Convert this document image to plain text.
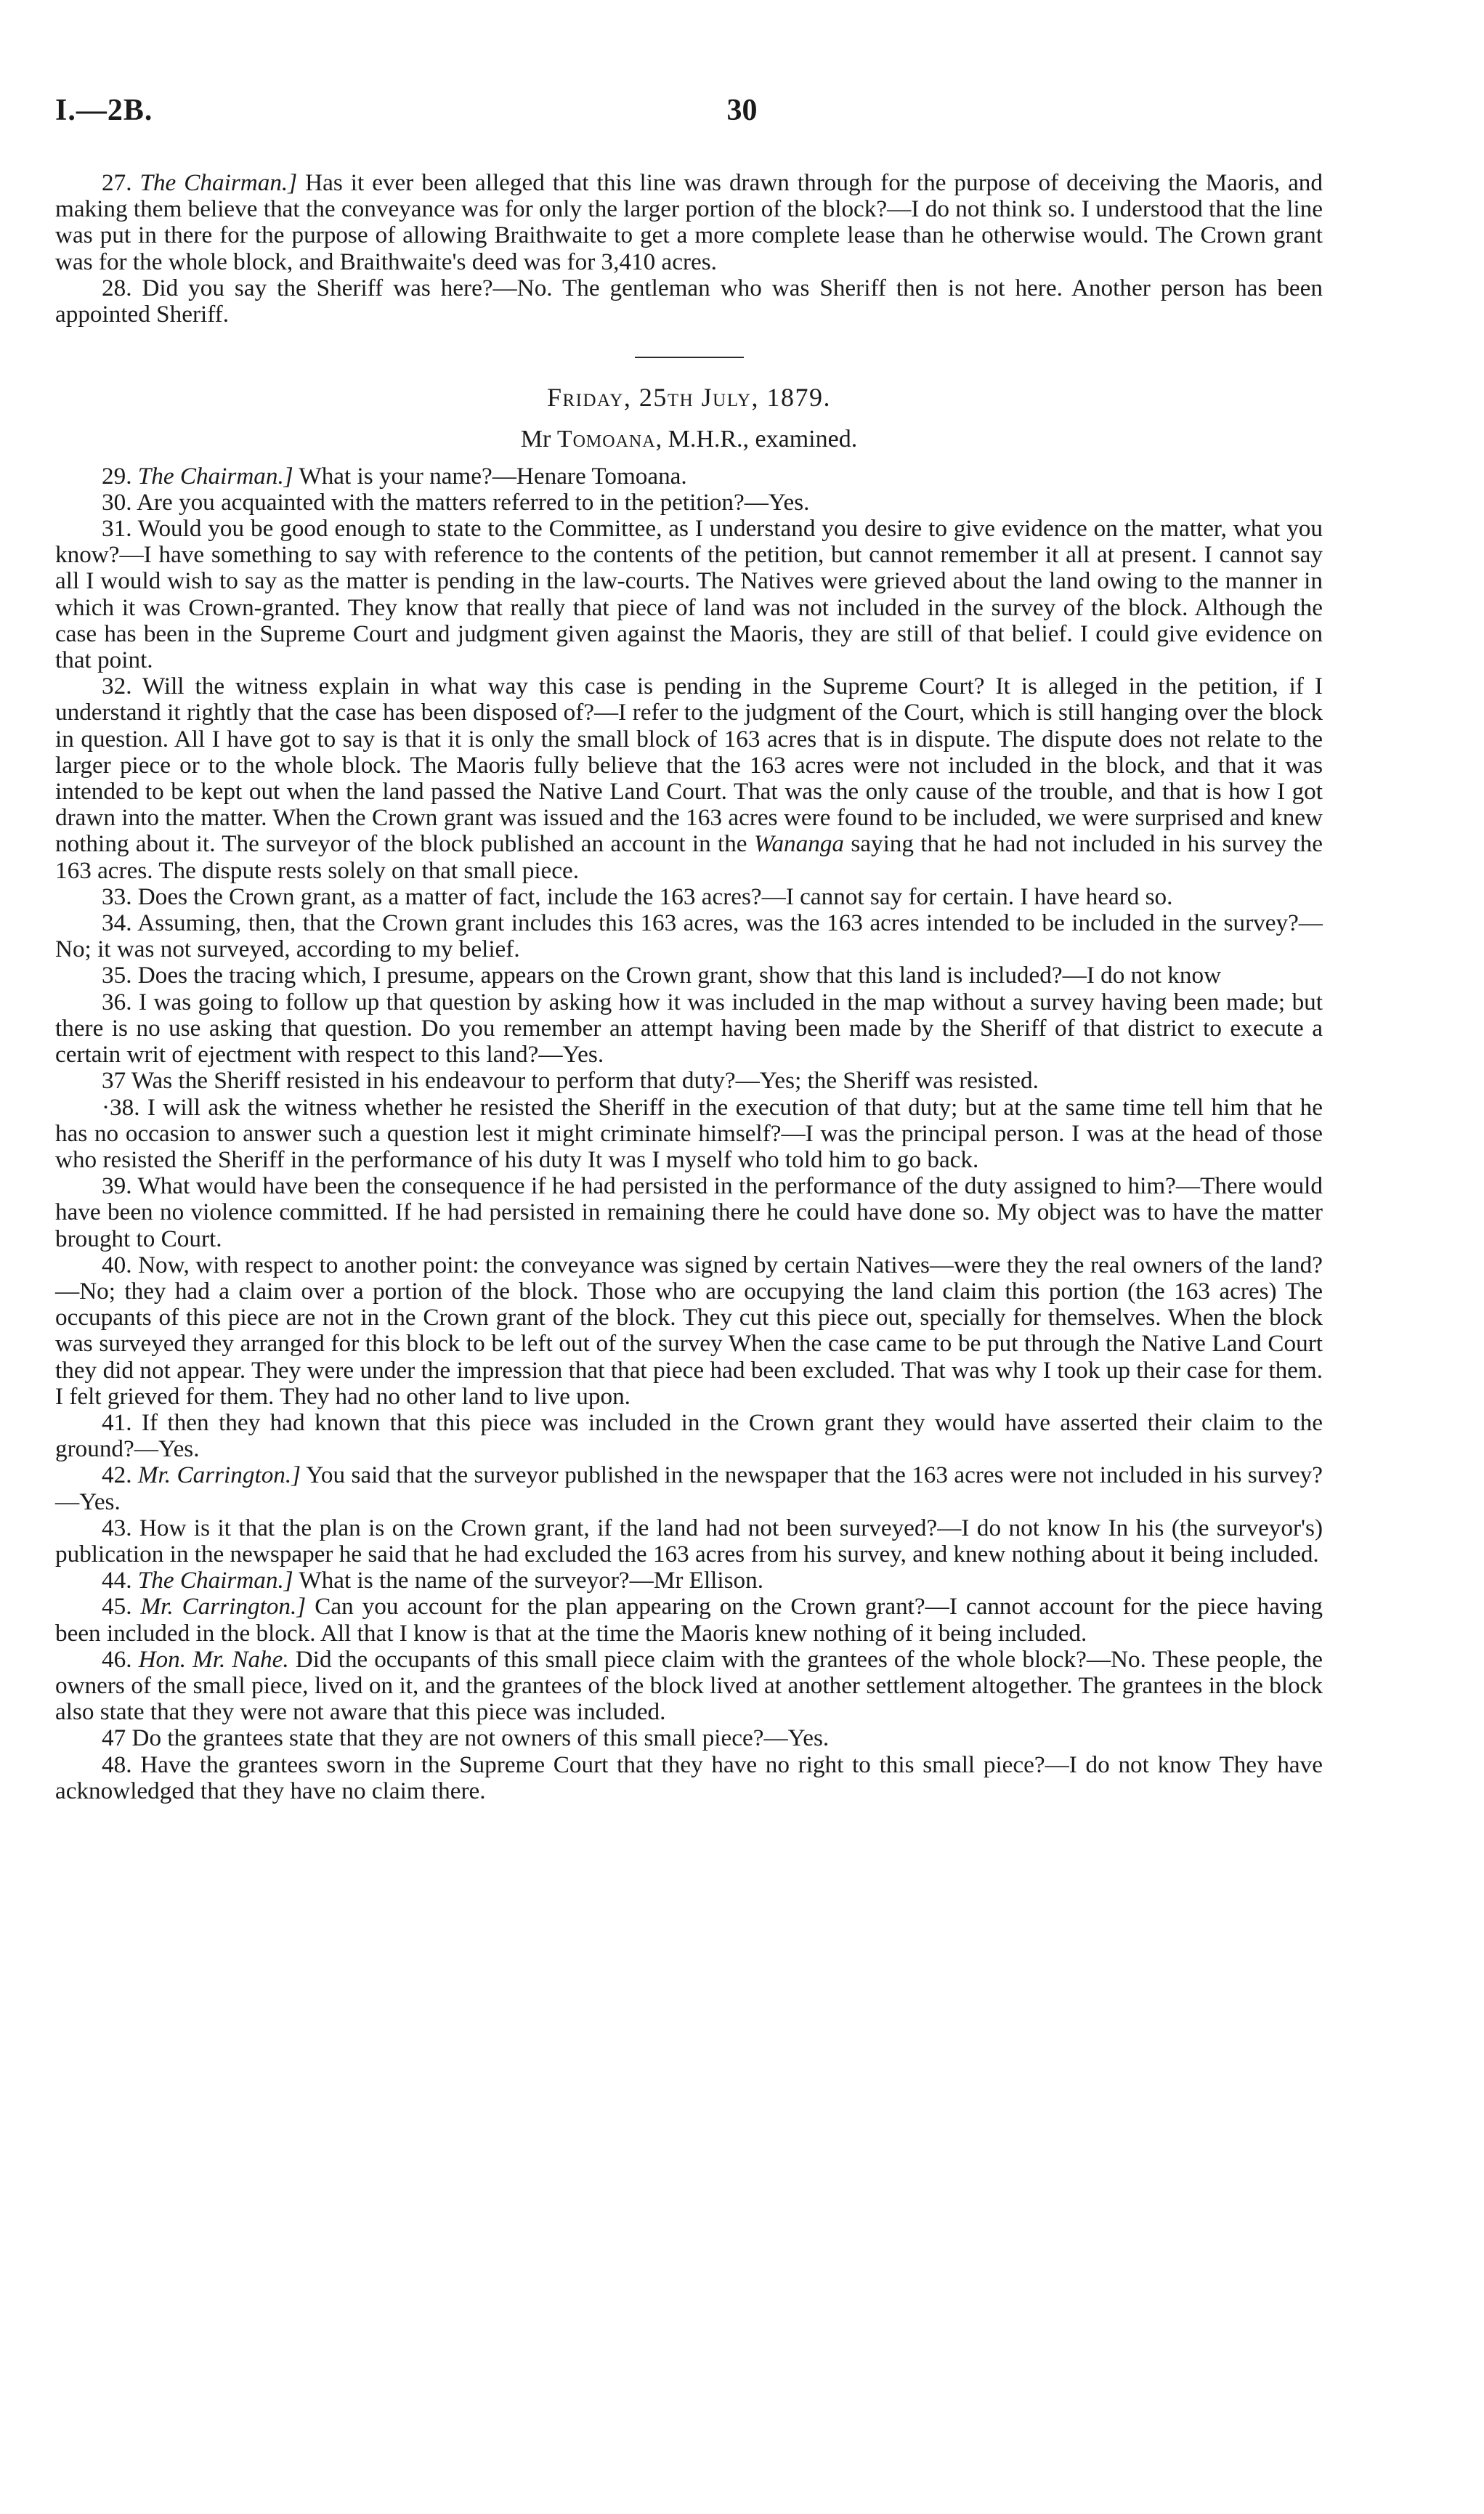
I.—2B.	30

27. The Chairman.] Has it ever been alleged that this line was drawn through for the purpose of deceiving the Maoris, and making them believe that the conveyance was for only the larger portion of the block?—I do not think so. I understood that the line was put in there for the purpose of allowing Braithwaite to get a more complete lease than he otherwise would. The Crown grant was for the whole block, and Braithwaite's deed was for 3,410 acres.

28. Did you say the Sheriff was here?—No. The gentleman who was Sheriff then is not here. Another person has been appointed Sheriff.

Friday, 25th July, 1879.
Mr Tomoana, M.H.R., examined.

29. The Chairman.] What is your name?—Henare Tomoana.

30. Are you acquainted with the matters referred to in the petition?—Yes.

31. Would you be good enough to state to the Committee, as I understand you desire to give evidence on the matter, what you know?—I have something to say with reference to the contents of the petition, but cannot remember it all at present. I cannot say all I would wish to say as the matter is pending in the law-courts. The Natives were grieved about the land owing to the manner in which it was Crown-granted. They know that really that piece of land was not included in the survey of the block. Although the case has been in the Supreme Court and judgment given against the Maoris, they are still of that belief. I could give evidence on that point.

32. Will the witness explain in what way this case is pending in the Supreme Court? It is alleged in the petition, if I understand it rightly that the case has been disposed of?—I refer to the judgment of the Court, which is still hanging over the block in question. All I have got to say is that it is only the small block of 163 acres that is in dispute. The dispute does not relate to the larger piece or to the whole block. The Maoris fully believe that the 163 acres were not included in the block, and that it was intended to be kept out when the land passed the Native Land Court. That was the only cause of the trouble, and that is how I got drawn into the matter. When the Crown grant was issued and the 163 acres were found to be included, we were surprised and knew nothing about it. The surveyor of the block published an account in the Wananga saying that he had not included in his survey the 163 acres. The dispute rests solely on that small piece.

33. Does the Crown grant, as a matter of fact, include the 163 acres?—I cannot say for certain. I have heard so.

34. Assuming, then, that the Crown grant includes this 163 acres, was the 163 acres intended to be included in the survey?—No; it was not surveyed, according to my belief.

35. Does the tracing which, I presume, appears on the Crown grant, show that this land is included?—I do not know

36. I was going to follow up that question by asking how it was included in the map without a survey having been made; but there is no use asking that question. Do you remember an attempt having been made by the Sheriff of that district to execute a certain writ of ejectment with respect to this land?—Yes.

37 Was the Sheriff resisted in his endeavour to perform that duty?—Yes; the Sheriff was resisted.

·38. I will ask the witness whether he resisted the Sheriff in the execution of that duty; but at the same time tell him that he has no occasion to answer such a question lest it might criminate himself?—I was the principal person. I was at the head of those who resisted the Sheriff in the performance of his duty It was I myself who told him to go back.

39. What would have been the consequence if he had persisted in the performance of the duty assigned to him?—There would have been no violence committed. If he had persisted in remaining there he could have done so. My object was to have the matter brought to Court.

40. Now, with respect to another point: the conveyance was signed by certain Natives—were they the real owners of the land?—No; they had a claim over a portion of the block. Those who are occupying the land claim this portion (the 163 acres) The occupants of this piece are not in the Crown grant of the block. They cut this piece out, specially for themselves. When the block was surveyed they arranged for this block to be left out of the survey When the case came to be put through the Native Land Court they did not appear. They were under the impression that that piece had been excluded. That was why I took up their case for them. I felt grieved for them. They had no other land to live upon.

41. If then they had known that this piece was included in the Crown grant they would have asserted their claim to the ground?—Yes.

42. Mr. Carrington.] You said that the surveyor published in the newspaper that the 163 acres were not included in his survey?—Yes.

43. How is it that the plan is on the Crown grant, if the land had not been surveyed?—I do not know In his (the surveyor's) publication in the newspaper he said that he had excluded the 163 acres from his survey, and knew nothing about it being included.

44. The Chairman.] What is the name of the surveyor?—Mr Ellison.

45. Mr. Carrington.] Can you account for the plan appearing on the Crown grant?—I cannot account for the piece having been included in the block. All that I know is that at the time the Maoris knew nothing of it being included.

46. Hon. Mr. Nahe. Did the occupants of this small piece claim with the grantees of the whole block?—No. These people, the owners of the small piece, lived on it, and the grantees of the block lived at another settlement altogether. The grantees in the block also state that they were not aware that this piece was included.

47 Do the grantees state that they are not owners of this small piece?—Yes.

48. Have the grantees sworn in the Supreme Court that they have no right to this small piece?—I do not know They have acknowledged that they have no claim there.
